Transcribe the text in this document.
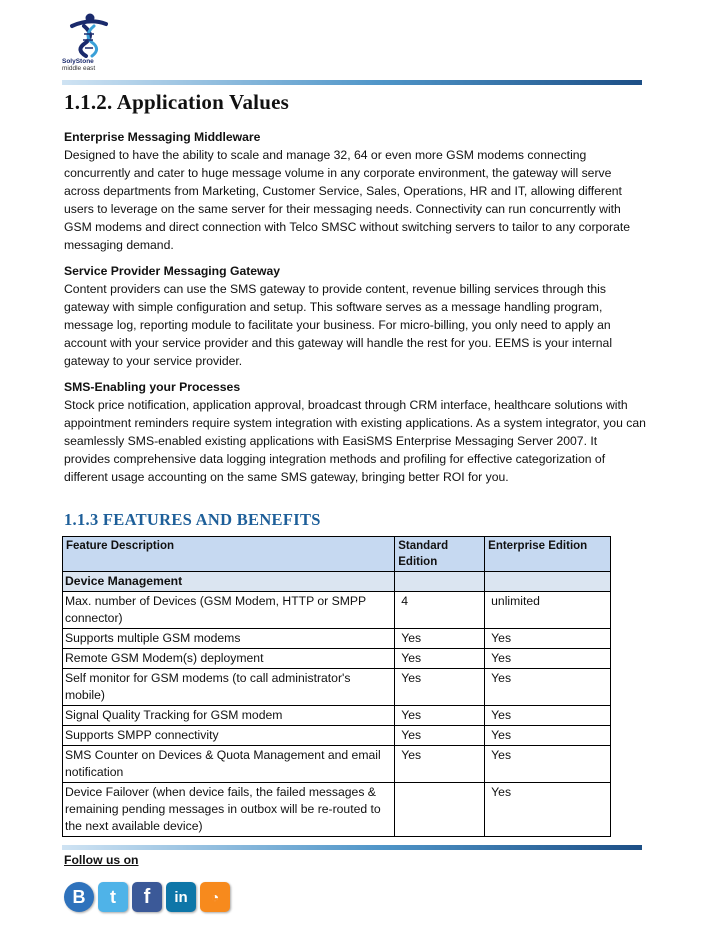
SolyStone
middle east
1.1.2. Application Values
Enterprise Messaging Middleware

Designed to have the ability to scale and manage 32, 64 or even more GSM modems connecting concurrently and cater to huge message volume in any corporate environment, the gateway will serve across departments from Marketing, Customer Service, Sales, Operations, HR and IT, allowing different users to leverage on the same server for their messaging needs. Connectivity can run concurrently with GSM modems and direct connection with Telco SMSC without switching servers to tailor to any corporate messaging demand.

Service Provider Messaging Gateway

Content providers can use the SMS gateway to provide content, revenue billing services through this gateway with simple configuration and setup. This software serves as a message handling program, message log, reporting module to facilitate your business. For micro-billing, you only need to apply an account with your service provider and this gateway will handle the rest for you. EEMS is your internal gateway to your service provider.

SMS-Enabling your Processes

Stock price notification, application approval, broadcast through CRM interface, healthcare solutions with appointment reminders require system integration with existing applications. As a system integrator, you can seamlessly SMS-enabled existing applications with EasiSMS Enterprise Messaging Server 2007. It provides comprehensive data logging integration methods and profiling for effective categorization of different usage accounting on the same SMS gateway, bringing better ROI for you.

1.1.3 FEATURES AND BENEFITS
Feature Description	Standard Edition	Enterprise Edition
Device Management		
Max. number of Devices (GSM Modem, HTTP or SMPP connector)	4	unlimited
Supports multiple GSM modems	Yes	Yes
Remote GSM Modem(s) deployment	Yes	Yes
Self monitor for GSM modems (to call administrator's mobile)	Yes	Yes
Signal Quality Tracking for GSM modem	Yes	Yes
Supports SMPP connectivity	Yes	Yes
SMS Counter on Devices & Quota Management and email notification	Yes	Yes
Device Failover (when device fails, the failed messages & remaining pending messages in outbox will be re-routed to the next available device)		Yes
Follow us on
B	t	f	in	◔
